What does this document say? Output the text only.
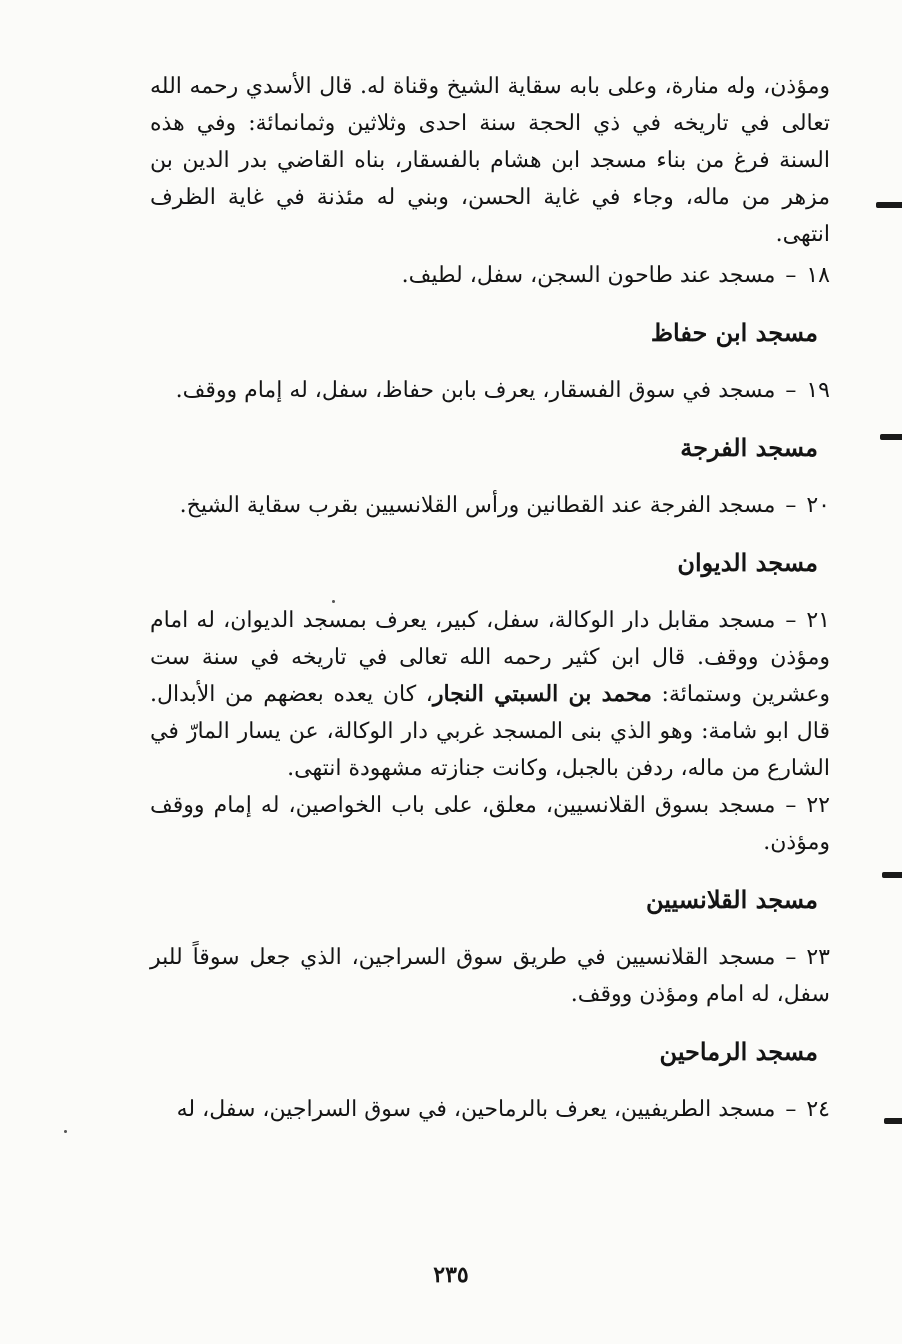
ومؤذن، وله منارة، وعلى بابه سقاية الشيخ وقناة له. قال الأسدي رحمه الله تعالى في تاريخه في ذي الحجة سنة احدى وثلاثين وثمانمائة: وفي هذه السنة فرغ من بناء مسجد ابن هشام بالفسقار، بناه القاضي بدر الدين بن مزهر من ماله، وجاء في غاية الحسن، وبني له مئذنة في غاية الظرف انتهى.

١٨–مسجد عند طاحون السجن، سفل، لطيف.

مسجد ابن حفاظ

١٩–مسجد في سوق الفسقار، يعرف بابن حفاظ، سفل، له إمام ووقف.

مسجد الفرجة

٢٠–مسجد الفرجة عند القطانين ورأس القلانسيين بقرب سقاية الشيخ.

مسجد الديوان

٢١–مسجد مقابل دار الوكالة، سفل، كبير، يعرف بمسجد الديوان، له امام ومؤذن ووقف. قال ابن كثير رحمه الله تعالى في تاريخه في سنة ست وعشرين وستمائة: محمد بن السبتي النجار، كان يعده بعضهم من الأبدال. قال ابو شامة: وهو الذي بنى المسجد غربي دار الوكالة، عن يسار المارّ في الشارع من ماله، ردفن بالجبل، وكانت جنازته مشهودة انتهى.

٢٢–مسجد بسوق القلانسيين، معلق، على باب الخواصين، له إمام ووقف ومؤذن.

مسجد القلانسيين

٢٣–مسجد القلانسيين في طريق سوق السراجين، الذي جعل سوقاً للبر سفل، له امام ومؤذن ووقف.

مسجد الرماحين

٢٤–مسجد الطريفيين، يعرف بالرماحين، في سوق السراجين، سفل، له

٢٣٥
